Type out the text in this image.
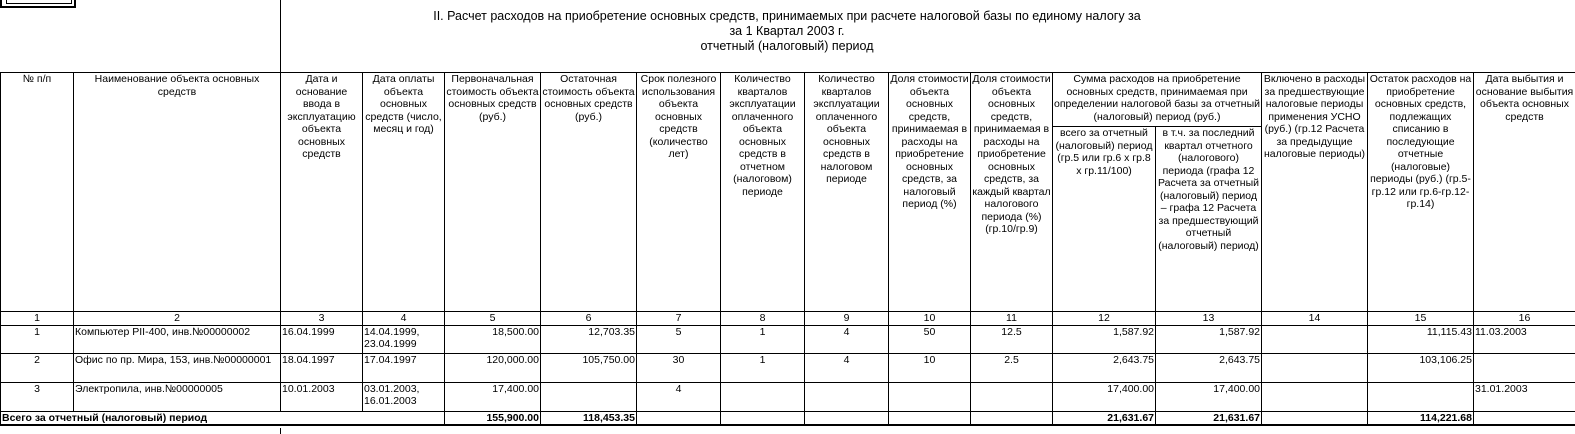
II. Расчет расходов на приобретение основных средств, принимаемых при расчете налоговой базы по единому налогу за
за 1 Квартал 2003 г.
отчетный (налоговый) период
№ п/п	Наименование объекта основных средств	Дата и основание ввода в эксплуатацию объекта основных средств	Дата оплаты объекта основных средств (число, месяц и год)	Первоначальная стоимость объекта основных средств (руб.)	Остаточная стоимость объекта основных средств (руб.)	Срок полезного использования объекта основных средств (количество лет)	Количество кварталов эксплуатации оплаченного объекта основных средств в отчетном (налоговом) периоде	Количество кварталов эксплуатации оплаченного объекта основных средств в налоговом периоде	Доля стоимости объекта основных средств, принимаемая в расходы на приобретение основных средств, за налоговый период (%)	Доля стоимости объекта основных средств, принимаемая в расходы на приобретение основных средств, за каждый квартал налогового периода (%) (гр.10/гр.9)	Сумма расходов на приобретение основных средств, принимаемая при определении налоговой базы за отчетный (налоговый) период (руб.)		Включено в расходы за предшествующие налоговые периоды применения УСНО (руб.) (гр.12 Расчета за предыдущие налоговые периоды)	Остаток расходов на приобретение основных средств, подлежащих списанию в последующие отчетные (налоговые) периоды (руб.) (гр.5-гр.12 или гр.6-гр.12-гр.14)	Дата выбытия и основание выбытия объекта основных средств
											всего за отчетный (налоговый) период (гр.5 или гр.6 х гр.8 х гр.11/100)	в т.ч. за последний квартал отчетного (налогового) периода (графа 12 Расчета за отчетный (налоговый) период – графа 12 Расчета за предшествующий отчетный (налоговый) период)			
1	2	3	4	5	6	7	8	9	10	11	12	13	14	15	16
1	Компьютер PII-400, инв.№00000002	16.04.1999	14.04.1999, 23.04.1999	18,500.00	12,703.35	5	1	4	50	12.5	1,587.92	1,587.92		11,115.43	11.03.2003
2	Офис по пр. Мира, 153, инв.№00000001	18.04.1997	17.04.1997	120,000.00	105,750.00	30	1	4	10	2.5	2,643.75	2,643.75		103,106.25	
3	Электропила, инв.№00000005	10.01.2003	03.01.2003, 16.01.2003	17,400.00		4					17,400.00	17,400.00			31.01.2003
Всего за отчетный (налоговый) период				155,900.00	118,453.35						21,631.67	21,631.67		114,221.68	
